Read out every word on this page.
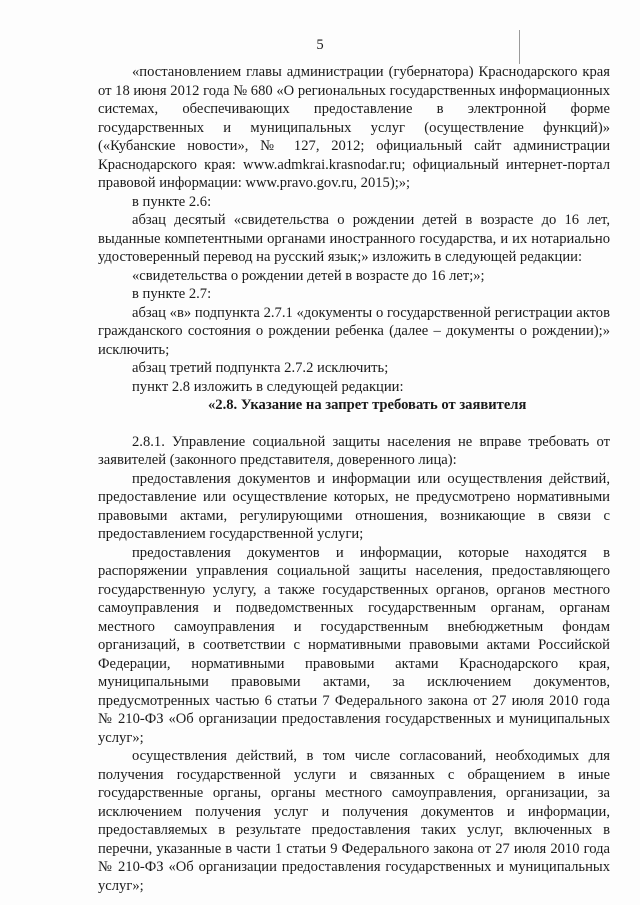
5

«постановлением главы администрации (губернатора) Краснодарского края от 18 июня 2012 года № 680 «О региональных государственных информационных системах, обеспечивающих предоставление в электронной форме государственных и муниципальных услуг (осуществление функций)» («Кубанские новости», № 127, 2012; официальный сайт администрации Краснодарского края: www.admkrai.krasnodar.ru; официальный интернет-портал правовой информации: www.pravo.gov.ru, 2015);»;

в пункте 2.6:

абзац десятый «свидетельства о рождении детей в возрасте до 16 лет, выданные компетентными органами иностранного государства, и их нотариально удостоверенный перевод на русский язык;» изложить в следующей редакции:

«свидетельства о рождении детей в возрасте до 16 лет;»;

в пункте 2.7:

абзац «в» подпункта 2.7.1 «документы о государственной регистрации актов гражданского состояния о рождении ребенка (далее – документы о рождении);» исключить;

абзац третий подпункта 2.7.2 исключить;

пункт 2.8 изложить в следующей редакции:

«2.8. Указание на запрет требовать от заявителя

2.8.1. Управление социальной защиты населения не вправе требовать от заявителей (законного представителя, доверенного лица):

предоставления документов и информации или осуществления действий, предоставление или осуществление которых, не предусмотрено нормативными правовыми актами, регулирующими отношения, возникающие в связи с предоставлением государственной услуги;

предоставления документов и информации, которые находятся в распоряжении управления социальной защиты населения, предоставляющего государственную услугу, а также государственных органов, органов местного самоуправления и подведомственных государственным органам, органам местного самоуправления и государственным внебюджетным фондам организаций, в соответствии с нормативными правовыми актами Российской Федерации, нормативными правовыми актами Краснодарского края, муниципальными правовыми актами, за исключением документов, предусмотренных частью 6 статьи 7 Федерального закона от 27 июля 2010 года № 210-ФЗ «Об организации предоставления государственных и муниципальных услуг»;

осуществления действий, в том числе согласований, необходимых для получения государственной услуги и связанных с обращением в иные государственные органы, органы местного самоуправления, организации, за исключением получения услуг и получения документов и информации, предоставляемых в результате предоставления таких услуг, включенных в перечни, указанные в части 1 статьи 9 Федерального закона от 27 июля 2010 года № 210-ФЗ «Об организации предоставления государственных и муниципальных услуг»;
